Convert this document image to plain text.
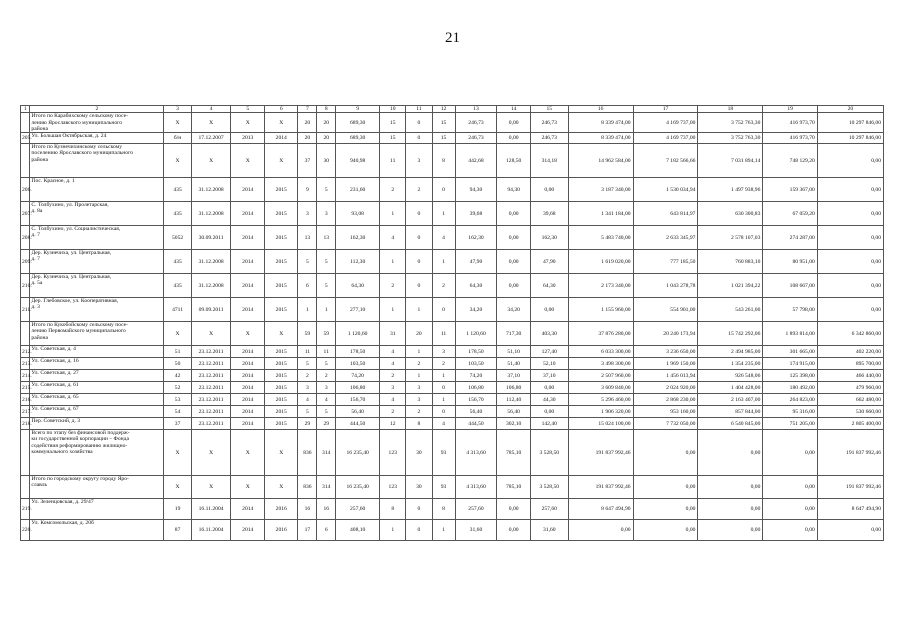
21
1	2	3	4	5	6	7	8	9	10	11	12	13	14	15	16	17	18	19	20
	Итого по Карабихскому сельскому посе-
лению Ярославского муниципального
района	X	X	X	X	20	20	689,30	15	0	15	246,73	0,00	246,73	8 339 474,00	4 169 737,00	3 752 763,30	416 973,70	10 297 846,00
205.	Ул. Большая Октябрьская, д. 24	б/н	17.12.2007	2013	2014	20	20	689,30	15	0	15	246,73	0,00	246,73	8 339 474,00	4 169 737,00	3 752 763,30	416 973,70	10 297 846,00
	Итого по Кузнечихинскому сельскому
поселению Ярославского муниципального
района	X	X	X	X	37	30	940,98	11	3	8	442,68	128,50	314,18	14 962 584,00	7 182 566,66	7 031 894,14	748 129,20	0,00
206.	Пос. Красное, д. 1	435	31.12.2008	2014	2015	9	5	231,60	2	2	0	94,30	94,30	0,00	3 187 340,00	1 530 034,94	1 497 938,96	159 367,00	0,00
207.	С. Толбухино, ул. Пролетарская,
д. 8а	435	31.12.2008	2014	2015	3	3	93,08	1	0	1	39,68	0,00	39,68	1 341 184,00	643 814,97	630 300,83	67 059,20	0,00
208.	С. Толбухино, ул. Социалистическая,
д. 7	5052	30.09.2011	2014	2015	13	13	162,30	4	0	4	162,30	0,00	162,30	5 483 740,00	2 633 345,97	2 578 107,03	274 287,00	0,00
209.	Дер. Кузнечиха, ул. Центральная,
д. 7	435	31.12.2008	2014	2015	5	5	112,30	1	0	1	47,90	0,00	47,90	1 619 020,00	777 185,50	760 883,10	80 951,00	0,00
210.	Дер. Кузнечиха, ул. Центральная,
д. 5а	435	31.12.2008	2014	2015	6	5	64,30	2	0	2	64,30	0,00	64,30	2 173 340,00	1 043 278,78	1 021 394,22	108 667,00	0,00
211.	Дер. Глебовское, ул. Кооперативная,
д. 3	4711	09.09.2011	2014	2015	1	1	277,10	1	1	0	34,20	34,20	0,00	1 155 960,00	554 901,00	543 261,00	57 798,00	0,00
	Итого по Кукобойскому сельскому посе-
лению Первомайского муниципального
района	X	X	X	X	59	59	1 120,60	31	20	11	1 120,60	717,30	403,30	37 876 280,00	20 240 173,94	15 742 292,06	1 893 814,00	6 342 860,00
212.	Ул. Советская, д. 4	51	23.12.2011	2014	2015	11	11	178,50	4	1	3	178,50	51,10	127,40	6 033 300,00	3 236 650,00	2 494 985,00	301 665,00	402 220,00
213.	Ул. Советская, д. 16	50	23.12.2011	2014	2015	5	5	103,50	4	2	2	103,50	51,40	52,10	3 498 300,00	1 969 150,00	1 354 235,00	174 915,00	895 700,00
214.	Ул. Советская, д. 27	42	23.12.2011	2014	2015	2	2	74,20	2	1	1	74,20	37,10	37,10	2 507 960,00	1 456 013,94	926 548,06	125 398,00	466 440,00
215.	Ул. Советская, д. 61	52	23.12.2011	2014	2015	3	3	106,80	3	3	0	106,80	106,80	0,00	3 609 840,00	2 024 920,00	1 404 428,00	180 492,00	479 960,00
216.	Ул. Советская, д. 65	53	23.12.2011	2014	2015	4	4	156,70	4	3	1	156,70	112,40	44,30	5 296 460,00	2 868 230,00	2 163 407,00	264 823,00	662 480,00
217.	Ул. Советская, д. 67	54	23.12.2011	2014	2015	5	5	56,40	2	2	0	56,40	56,40	0,00	1 906 320,00	953 160,00	857 844,00	95 316,00	530 660,00
218.	Пер. Советский, д. 3	37	23.12.2011	2014	2015	29	29	444,50	12	8	4	444,50	302,10	142,40	15 024 100,00	7 732 050,00	6 540 845,00	751 205,00	2 805 400,00
	Всего по этапу без финансовой поддерж-
ки государственной корпорации – Фонда
содействия реформированию жилищно-
коммунального хозяйства	X	X	X	X	836	314	16 235,40	123	30	93	4 313,60	785,10	3 528,50	191 837 992,46	0,00	0,00	0,00	191 837 992,46
	Итого по городскому округу городу Яро-
славль	X	X	X	X	836	314	16 235,40	123	30	93	4 313,60	785,10	3 528,50	191 837 992,46	0,00	0,00	0,00	191 837 992,46
219.	Ул. Зеленцовская, д. 29/47	19	16.11.2004	2014	2016	16	16	257,60	8	0	8	257,60	0,00	257,60	8 647 494,90	0,00	0,00	0,00	8 647 494,90
220.	Ул. Комсомольская, д. 20б	87	16.11.2004	2014	2016	17	6	408,10	1	0	1	31,60	0,00	31,60	0,00	0,00	0,00	0,00	0,00
